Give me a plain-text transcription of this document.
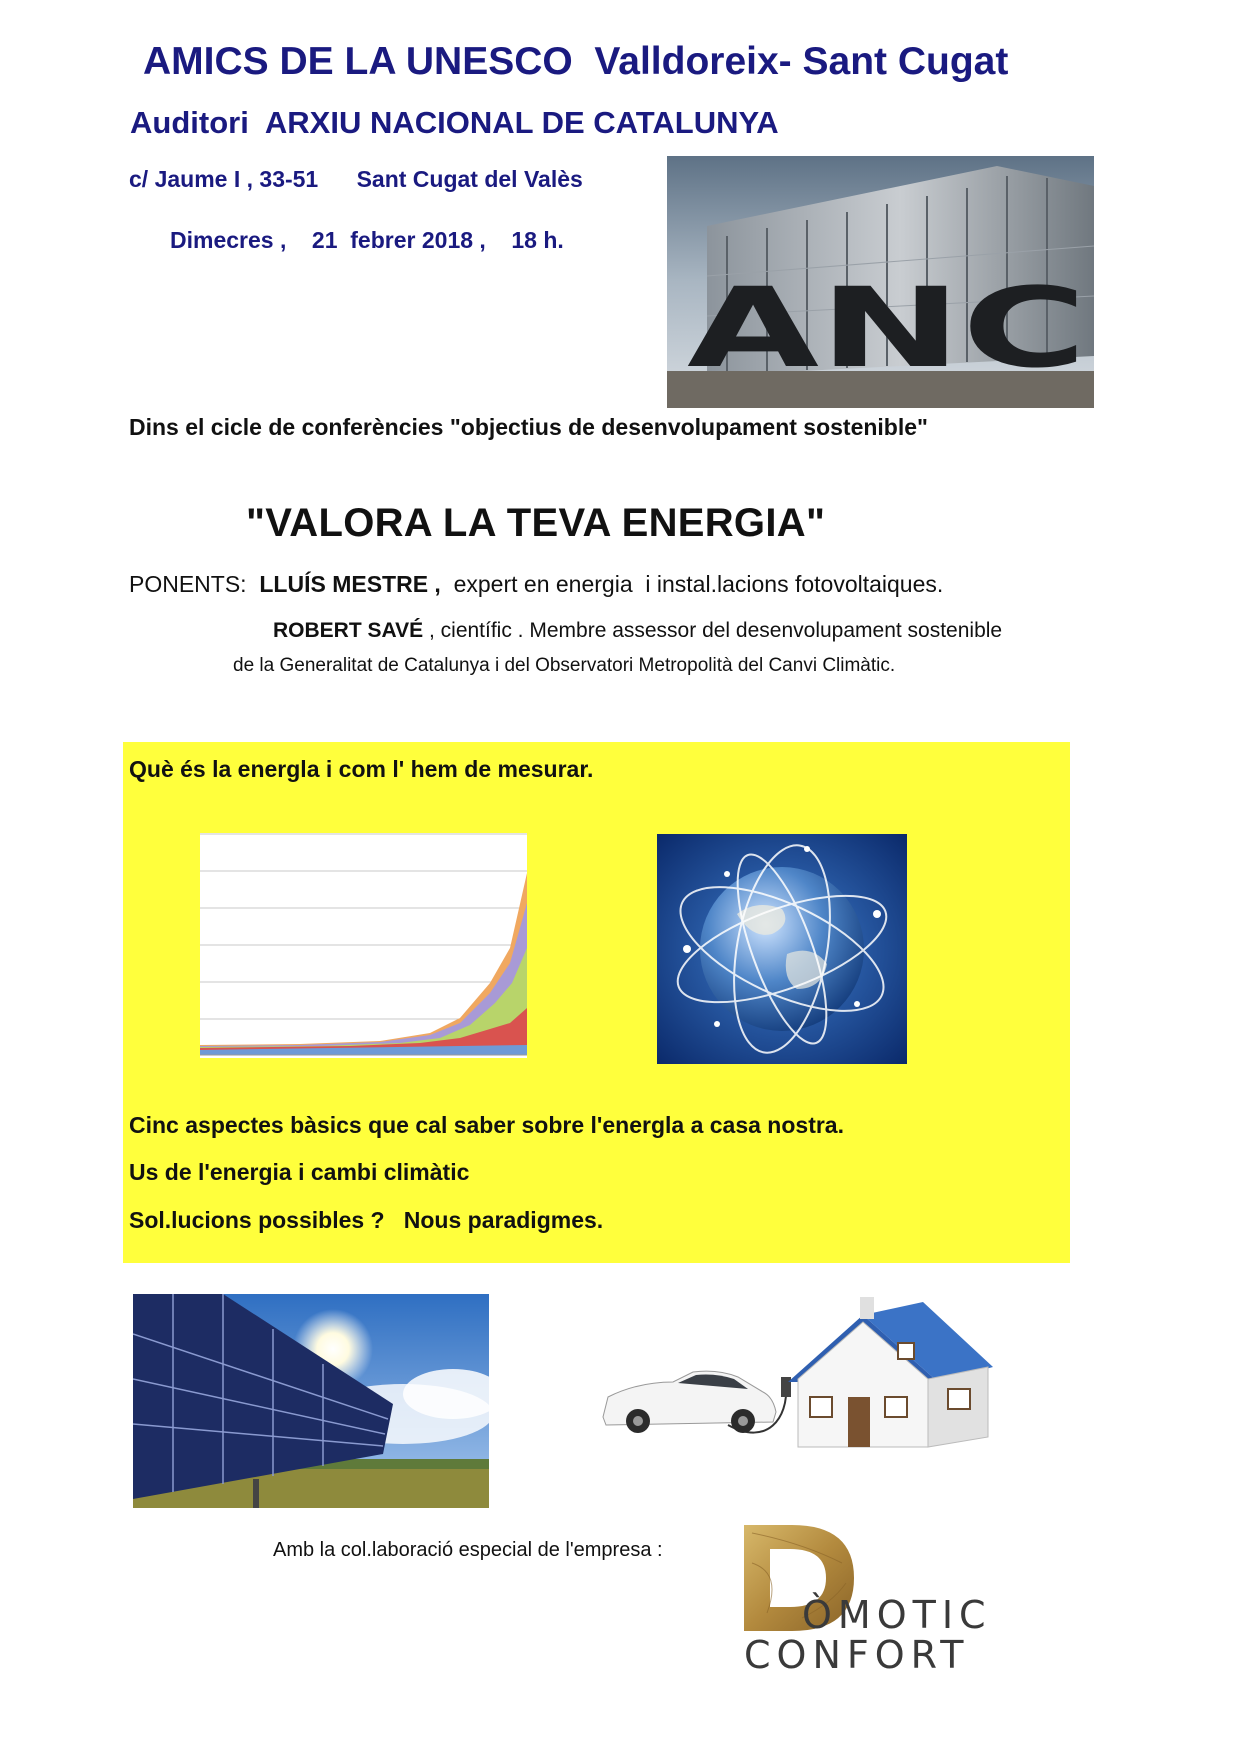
AMICS DE LA UNESCO  Valldoreix- Sant Cugat
Auditori  ARXIU NACIONAL DE CATALUNYA
c/ Jaume I , 33-51      Sant Cugat del Valès
Dimecres ,    21  febrer 2018 ,    18 h.
ANC
Dins el cicle de conferències "objectius de desenvolupament sostenible"
"VALORA LA TEVA ENERGIA"
PONENTS: LLUÍS MESTRE , expert en energia  i instal.lacions fotovoltaiques.
ROBERT SAVÉ , científic . Membre assessor del desenvolupament sostenible
de la Generalitat de Catalunya i del Observatori Metropolità del Canvi Climàtic.
Què és la energla i com l' hem de mesurar.
Cinc aspectes bàsics que cal saber sobre l'energla a casa nostra.
Us de l'energia i cambi climàtic
Sol.lucions possibles ?   Nous paradigmes.
Amb la col.laboració especial de l'empresa :
ÒMOTIC
CONFORT
